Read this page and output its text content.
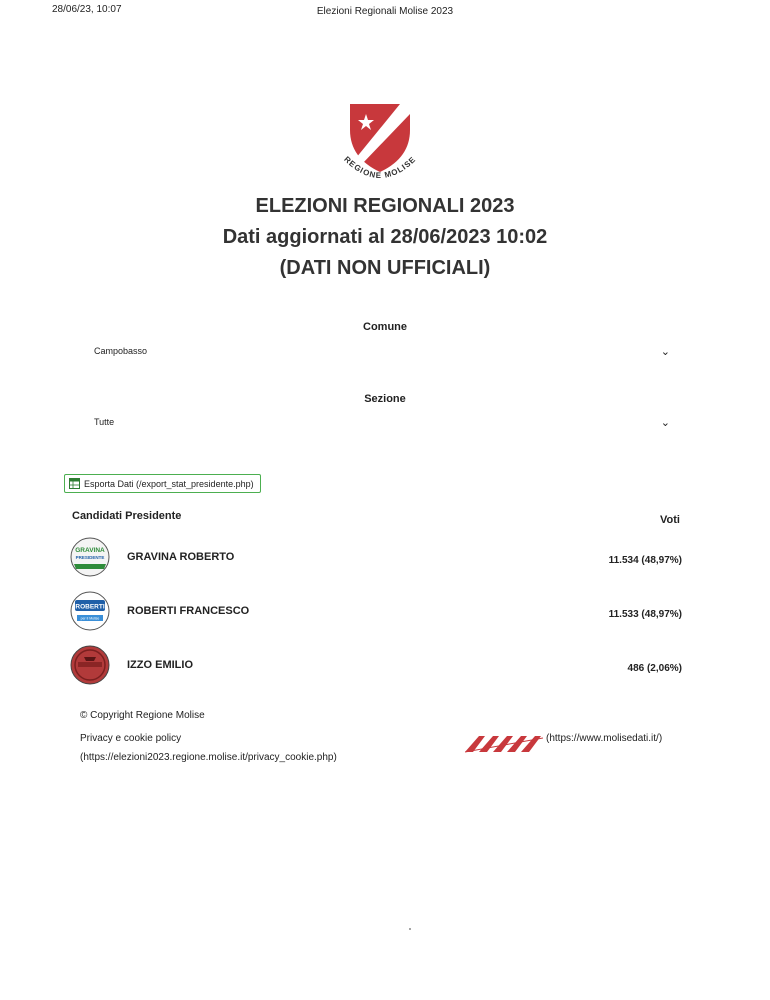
28/06/23, 10:07	Elezioni Regionali Molise 2023
REGIONE MOLISE
ELEZIONI REGIONALI 2023
Dati aggiornati al 28/06/2023 10:02
(DATI NON UFFICIALI)
Comune
Campobasso	⌄
Sezione
Tutte	⌄
Esporta Dati (/export_stat_presidente.php)
Candidati Presidente	Voti
GRAVINA
PRESIDENTE GRAVINA ROBERTO	11.534 (48,97%)
ROBERTI
per il Molise
ROBERTI FRANCESCO	11.533 (48,97%)
IZZO EMILIO	486 (2,06%)
© Copyright Regione Molise
Privacy e cookie policy
(https://elezioni2023.regione.molise.it/privacy_cookie.php)
(https://www.molisedati.it/)
